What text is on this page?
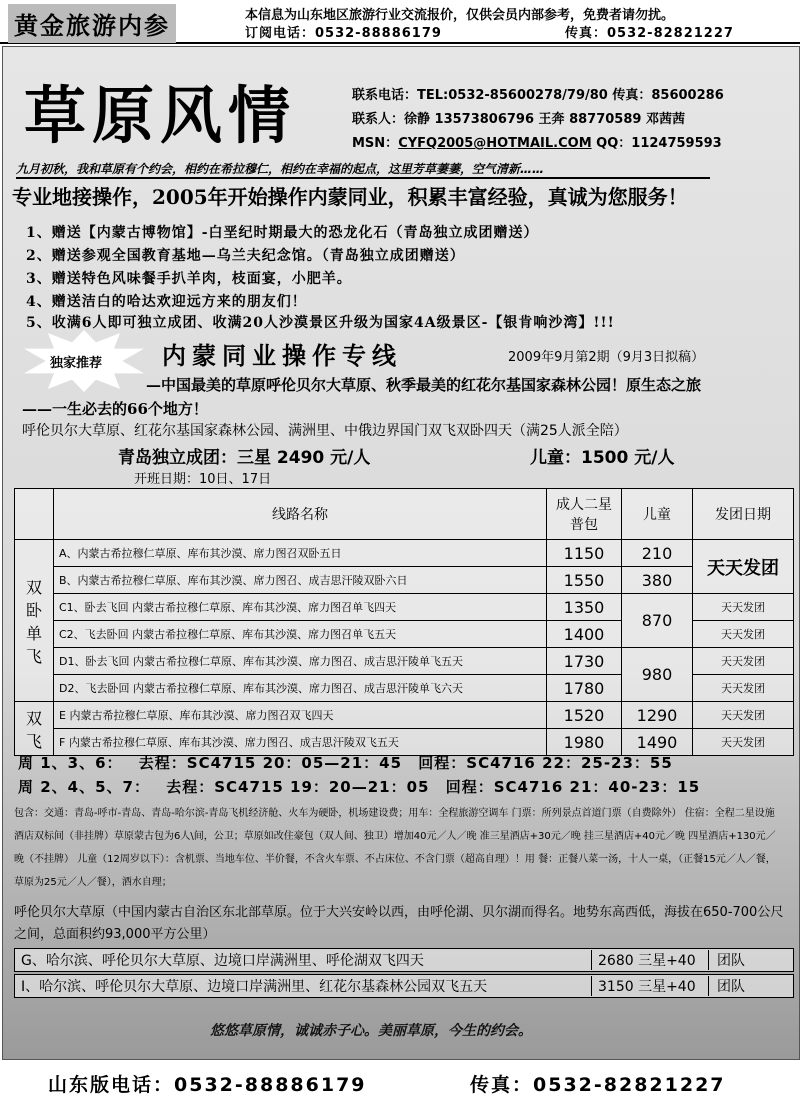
黄金旅游内参	本信息为山东地区旅游行业交流报价，仅供会员内部参考，免费者请勿扰。
订阅电话：0532-88886179	传真：0532-82821227
草原风情	联系电话：TEL:0532-85600278/79/80 传真：85600286
联系人：徐静 13573806796 王奔 88770589 邓茜茜
MSN：CYFQ2005@HOTMAIL.COM QQ：1124759593
九月初秋，我和草原有个约会，相约在希拉穆仁，相约在幸福的起点，这里芳草萋萋，空气清新……
专业地接操作，2005年开始操作内蒙同业，积累丰富经验，真诚为您服务！
1、赠送【内蒙古博物馆】-白垩纪时期最大的恐龙化石（青岛独立成团赠送）
2、赠送参观全国教育基地—乌兰夫纪念馆。（青岛独立成团赠送）
3、赠送特色风味餐手扒羊肉，枝面宴，小肥羊。
4、赠送洁白的哈达欢迎远方来的朋友们！
5、收满6人即可独立成团、收满20人沙漠景区升级为国家4A级景区-【银肯响沙湾】!!!
独家推荐 内蒙同业操作专线	2009年9月第2期（9月3日拟稿）
—中国最美的草原呼伦贝尔大草原、秋季最美的红花尔基国家森林公园！原生态之旅
——一生必去的66个地方！
呼伦贝尔大草原、红花尔基国家森林公园、满洲里、中俄边界国门双飞双卧四天（满25人派全陪）
青岛独立成团：三星 2490 元/人	儿童：1500 元/人
开班日期：10日、17日
	线路名称	成人二星普包	儿童	发团日期
双卧单飞	A、内蒙古希拉穆仁草原、库布其沙漠、席力图召双卧五日	1150	210	天天发团
	B、内蒙古希拉穆仁草原、库布其沙漠、席力图召、成吉思汗陵双卧六日	1550	380	
	C1、卧去飞回 内蒙古希拉穆仁草原、库布其沙漠、席力图召单飞四天	1350	870	天天发团
	C2、飞去卧回 内蒙古希拉穆仁草原、库布其沙漠、席力图召单飞五天	1400		天天发团
	D1、卧去飞回 内蒙古希拉穆仁草原、库布其沙漠、席力图召、成吉思汗陵单飞五天	1730	980	天天发团
	D2、飞去卧回 内蒙古希拉穆仁草原、库布其沙漠、席力图召、成吉思汗陵单飞六天	1780		天天发团
双飞	E 内蒙古希拉穆仁草原、库布其沙漠、席力图召双飞四天	1520	1290	天天发团
	F 内蒙古希拉穆仁草原、库布其沙漠、席力图召、成吉思汗陵双飞五天	1980	1490	天天发团
周 1、3、6： 去程：SC4715 20：05—21：45 回程：SC4716 22：25-23：55
周 2、4、5、7： 去程：SC4715 19：20—21：05 回程：SC4716 21：40-23：15
包含：交通：青岛-呼市-青岛、青岛-哈尔滨-青岛飞机经济舱、火车为硬卧，机场建设费；用车：全程旅游空调车 门票：所列景点首道门票（自费除外） 住宿：全程二星设施酒店双标间（非挂牌）草原蒙古包为6人\间，公卫；草原如改住豪包（双人间、独卫）增加40元／人／晚 准三星酒店+30元／晚 挂三星酒店+40元／晚 四星酒店+130元／晚（不挂牌） 儿童（12周岁以下）：含机票、当地车位、半价餐，不含火车票、不占床位、不含门票（超高自理）！用 餐：正餐八菜一汤，十人一桌，（正餐15元／人／餐，草原为25元／人／餐），酒水自理；
呼伦贝尔大草原（中国内蒙古自治区东北部草原。位于大兴安岭以西，由呼伦湖、贝尔湖而得名。地势东高西低，海拔在650-700公尺之间，总面积约93,000平方公里）
G、哈尔滨、呼伦贝尔大草原、边境口岸满洲里、呼伦湖双飞四天	2680 三星+40	团队
I、哈尔滨、呼伦贝尔大草原、边境口岸满洲里、红花尔基森林公园双飞五天	3150 三星+40	团队
悠悠草原情，诚诚赤子心。美丽草原，今生的约会。
山东版电话：0532-88886179	传真：0532-82821227
